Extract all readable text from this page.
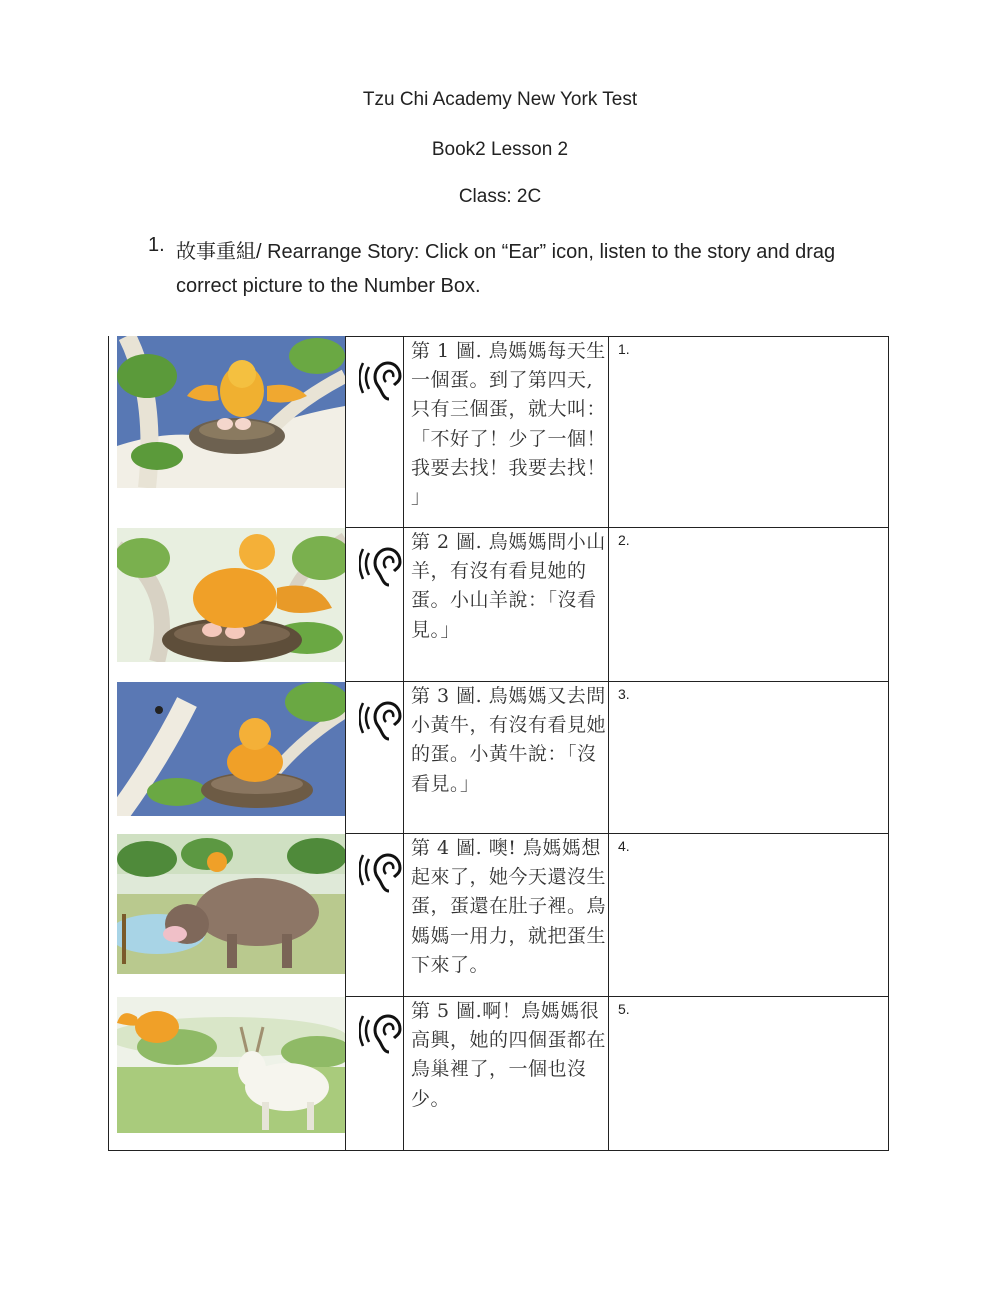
Tzu Chi Academy New York Test
Book2 Lesson 2
Class: 2C
1. 故事重組/ Rearrange Story: Click on “Ear” icon, listen to the story and drag correct picture to the Number Box.
第 1 圖. 鳥媽媽每天生一個蛋。到了第四天,只有三個蛋，就大叫：「不好了！少了一個！我要去找！我要去找！ 」
1.
第 2 圖. 鳥媽媽問小山羊，有沒有看見她的蛋。小山羊說：「沒看見。」
2.
第 3 圖. 鳥媽媽又去問小黃牛，有沒有看見她的蛋。小黃牛說：「沒看見。」
3.
第 4 圖. 噢! 鳥媽媽想起來了，她今天還沒生蛋，蛋還在肚子裡。鳥媽媽一用力，就把蛋生下來了。
4.
第 5 圖.啊！鳥媽媽很高興，她的四個蛋都在鳥巢裡了，一個也沒少。
5.
